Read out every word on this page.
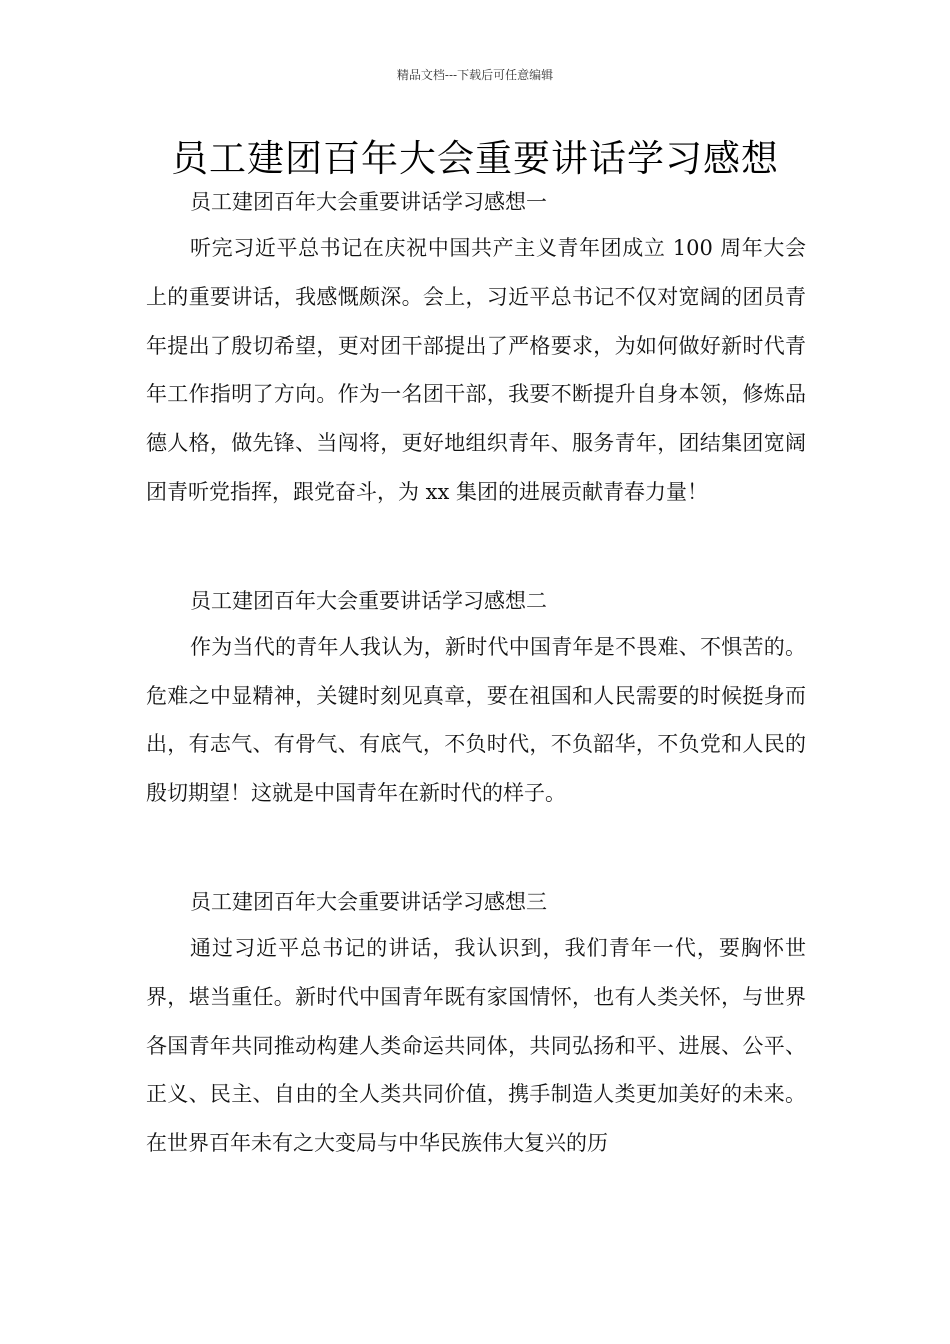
精品文档---下载后可任意编辑
员工建团百年大会重要讲话学习感想

员工建团百年大会重要讲话学习感想一

听完习近平总书记在庆祝中国共产主义青年团成立 100 周年大会上的重要讲话，我感慨颇深。会上，习近平总书记不仅对宽阔的团员青年提出了殷切希望，更对团干部提出了严格要求，为如何做好新时代青年工作指明了方向。作为一名团干部，我要不断提升自身本领，修炼品德人格，做先锋、当闯将，更好地组织青年、服务青年，团结集团宽阔团青听党指挥，跟党奋斗，为 xx 集团的进展贡献青春力量！

员工建团百年大会重要讲话学习感想二

作为当代的青年人我认为，新时代中国青年是不畏难、不惧苦的。危难之中显精神，关键时刻见真章，要在祖国和人民需要的时候挺身而出，有志气、有骨气、有底气，不负时代，不负韶华，不负党和人民的殷切期望！这就是中国青年在新时代的样子。

员工建团百年大会重要讲话学习感想三

通过习近平总书记的讲话，我认识到，我们青年一代，要胸怀世界，堪当重任。新时代中国青年既有家国情怀，也有人类关怀，与世界各国青年共同推动构建人类命运共同体，共同弘扬和平、进展、公平、正义、民主、自由的全人类共同价值，携手制造人类更加美好的未来。在世界百年未有之大变局与中华民族伟大复兴的历
